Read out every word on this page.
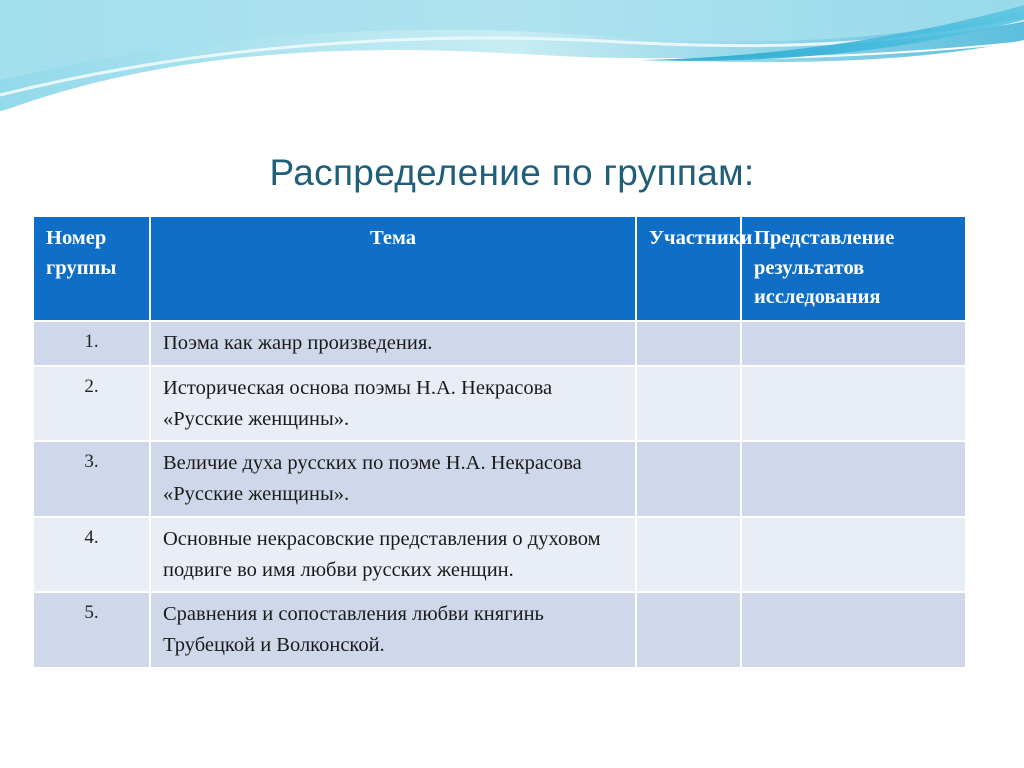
Распределение по группам:
Номер группы	Тема	Участники	Представление результатов исследования
1.	Поэма как жанр произведения.		
2.	Историческая основа поэмы Н.А. Некрасова «Русские женщины».		
3.	Величие духа русских по поэме Н.А. Некрасова «Русские женщины».		
4.	Основные некрасовские представления о духовом подвиге во имя любви русских женщин.		
5.	Сравнения и сопоставления любви княгинь Трубецкой и Волконской.		
